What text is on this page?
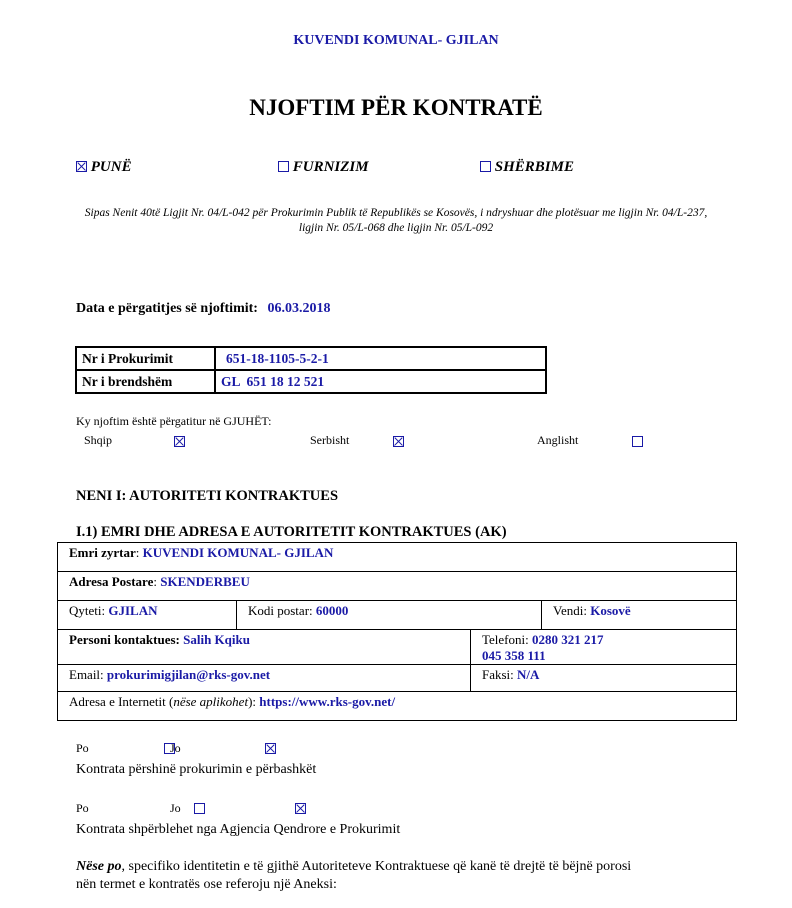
KUVENDI KOMUNAL- GJILAN
NJOFTIM PËR KONTRATË
PUNË	FURNIZIM	SHËRBIME
Sipas Nenit 40të Ligjit Nr. 04/L-042 për Prokurimin Publik të Republikës se Kosovës, i ndryshuar dhe plotësuar me ligjin Nr. 04/L-237, ligjin Nr. 05/L-068 dhe ligjin Nr. 05/L-092
Data e përgatitjes së njoftimit: 06.03.2018
Nr i Prokurimit	651-18-1105-5-2-1
Nr i brendshëm	GL  651 18 12 521
Ky njoftim është përgatitur në GJUHËT:
Shqip
	Serbisht
	Anglisht

NENI I: AUTORITETI KONTRAKTUES
I.1) EMRI DHE ADRESA E AUTORITETIT KONTRAKTUES (AK)
Emri zyrtar: KUVENDI KOMUNAL- GJILAN
Adresa Postare: SKENDERBEU
Qyteti: GJILAN	Kodi postar: 60000	Vendi: Kosovë
Personi kontaktues: Salih Kqiku	Telefoni: 0280 321 217
045 358 111
Email: prokurimigjilan@rks-gov.net	Faksi: N/A
Adresa e Internetit (nëse aplikohet): https://www.rks-gov.net/
Po
	Jo

Kontrata përshinë prokurimin e përbashkët
Po
	Jo
Kontrata shpërblehet nga Agjencia Qendrore e Prokurimit
Nëse po, specifiko identitetin e të gjithë Autoriteteve Kontraktuese që kanë të drejtë të bëjnë porosi
nën termet e kontratës ose referoju një Aneksi:
